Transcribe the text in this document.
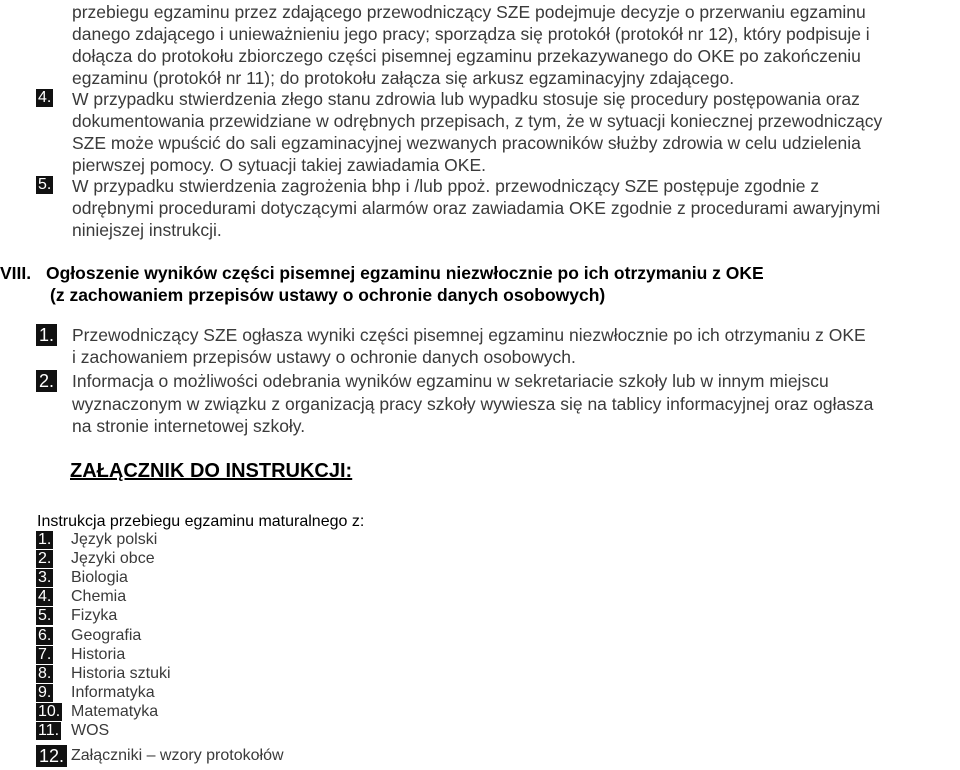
przebiegu egzaminu przez zdającego przewodniczący SZE podejmuje decyzje o przerwaniu egzaminu
danego zdającego i unieważnieniu jego pracy; sporządza się protokół (protokół nr 12), który podpisuje i
dołącza do protokołu zbiorczego części pisemnej egzaminu przekazywanego do OKE po zakończeniu
egzaminu (protokół nr 11); do protokołu załącza się arkusz egzaminacyjny zdającego.
4. W przypadku stwierdzenia złego stanu zdrowia lub wypadku stosuje się procedury postępowania oraz
dokumentowania przewidziane w odrębnych przepisach, z tym, że w sytuacji koniecznej przewodniczący
SZE może wpuścić do sali egzaminacyjnej wezwanych pracowników służby zdrowia w celu udzielenia
pierwszej pomocy. O sytuacji takiej zawiadamia OKE.
5. W przypadku stwierdzenia zagrożenia bhp i /lub ppoż. przewodniczący SZE postępuje zgodnie z
odrębnymi procedurami dotyczącymi alarmów oraz zawiadamia OKE zgodnie z procedurami awaryjnymi
niniejszej instrukcji.
VIII. Ogłoszenie wyników części pisemnej egzaminu niezwłocznie po ich otrzymaniu z OKE
(z zachowaniem przepisów ustawy o ochronie danych osobowych)
1. Przewodniczący SZE ogłasza wyniki części pisemnej egzaminu niezwłocznie po ich otrzymaniu z OKE
i zachowaniem przepisów ustawy o ochronie danych osobowych.
2. Informacja o możliwości odebrania wyników egzaminu w sekretariacie szkoły lub w innym miejscu
wyznaczonym w związku z organizacją pracy szkoły wywiesza się na tablicy informacyjnej oraz ogłasza
na stronie internetowej szkoły.
ZAŁĄCZNIK DO INSTRUKCJI:
Instrukcja przebiegu egzaminu maturalnego z:
1. Język polski
2. Języki obce
3. Biologia
4. Chemia
5. Fizyka
6. Geografia
7. Historia
8. Historia sztuki
9. Informatyka
10. Matematyka
11. WOS
12. Załączniki – wzory protokołów
